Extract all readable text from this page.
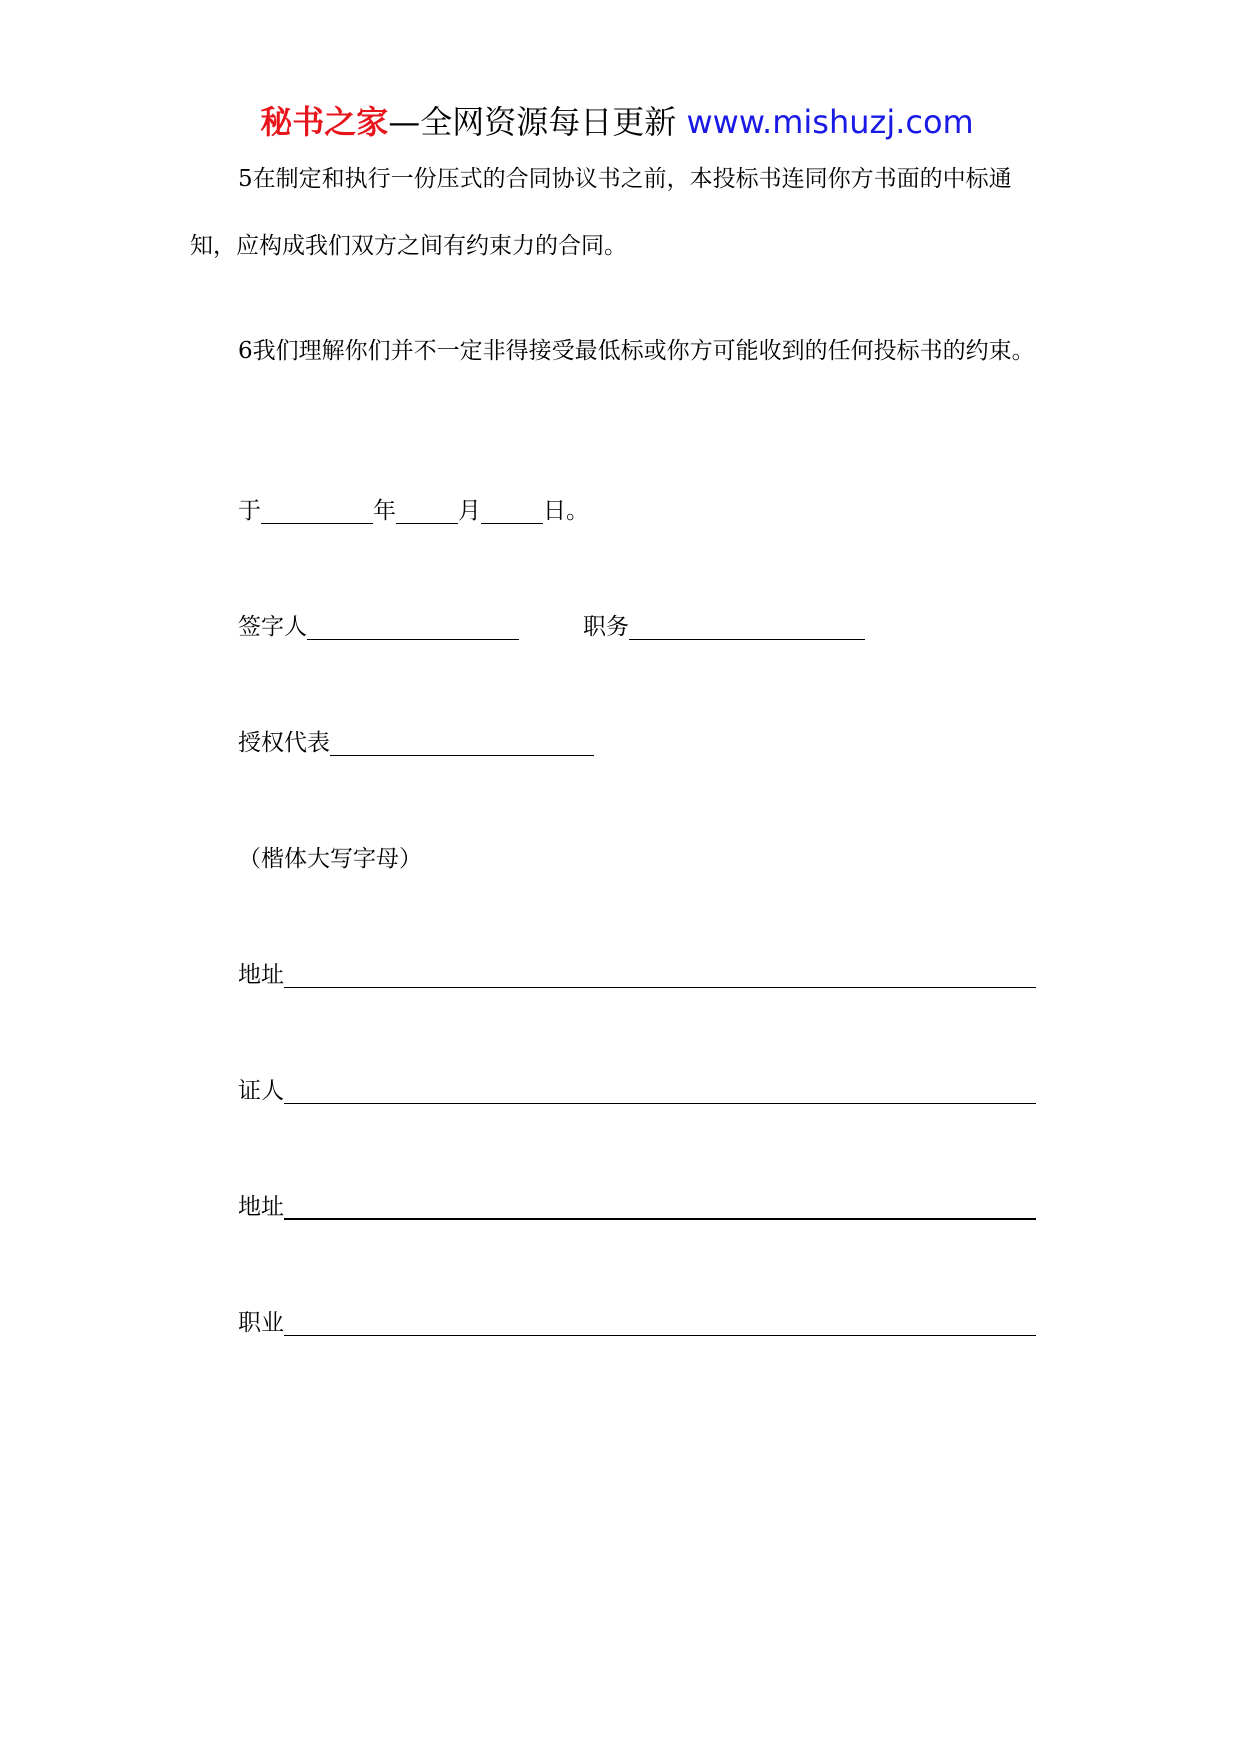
秘书之家—全网资源每日更新 www.mishuzj.com

5在制定和执行一份压式的合同协议书之前，本投标书连同你方书面的中标通知，应构成我们双方之间有约束力的合同。

6我们理解你们并不一定非得接受最低标或你方可能收到的任何投标书的约束。

于	年	月	日。
签字人	职务
授权代表
（楷体大写字母）
地址
证人
地址
职业
